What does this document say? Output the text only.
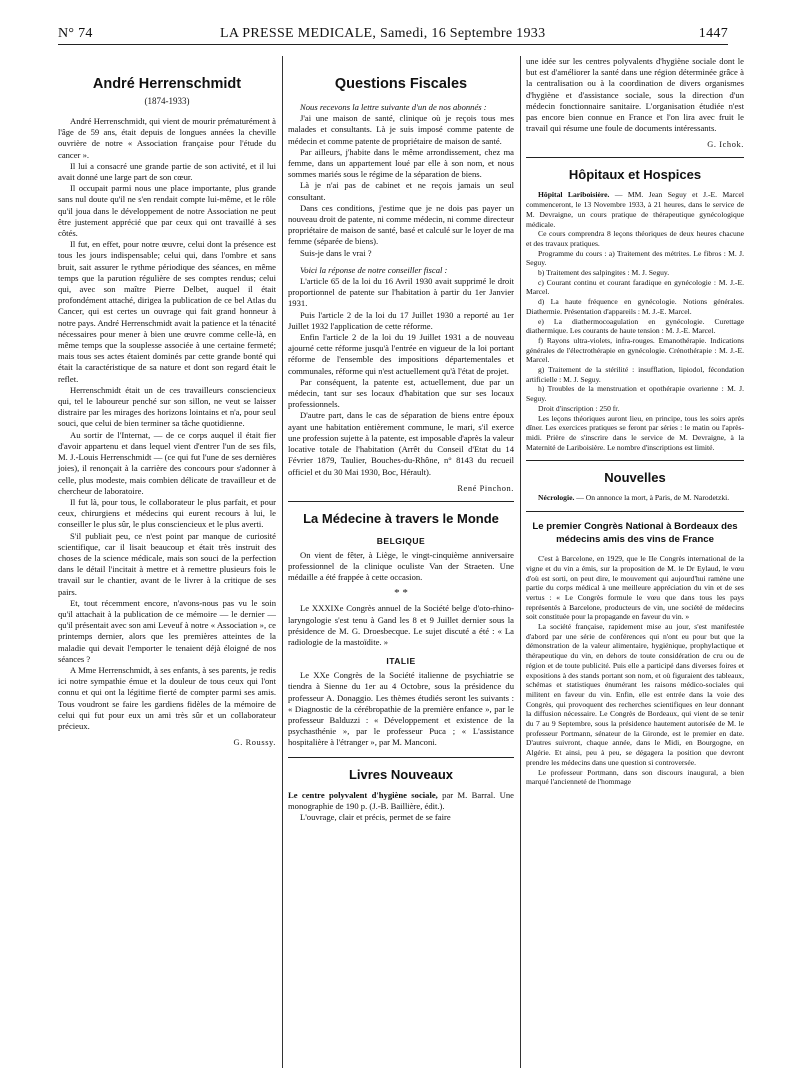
N° 74	LA PRESSE MEDICALE, Samedi, 16 Septembre 1933	1447
André Herrenschmidt
(1874-1933)

André Herrenschmidt, qui vient de mourir prématurément à l'âge de 59 ans, était depuis de longues années la cheville ouvrière de notre « Association française pour l'étude du cancer ».

Il lui a consacré une grande partie de son activité, et il lui avait donné une large part de son cœur.

Il occupait parmi nous une place importante, plus grande sans nul doute qu'il ne s'en rendait compte lui-même, et le rôle qu'il joua dans le développement de notre Association ne peut être justement apprécié que par ceux qui ont travaillé à ses côtés.

Il fut, en effet, pour notre œuvre, celui dont la présence est tous les jours indispensable; celui qui, dans l'ombre et sans bruit, sait assurer le rythme périodique des séances, en même temps que la parution régulière de ses comptes rendus; celui qui, avec son maître Pierre Delbet, auquel il était profondément attaché, dirigea la publication de ce bel Atlas du Cancer, qui est certes un ouvrage qui fait grand honneur à notre pays. André Herrenschmidt avait la patience et la ténacité nécessaires pour mener à bien une œuvre comme celle-là, en même temps que la souplesse associée à une certaine fermeté; mais tous ses actes étaient dominés par cette grande bonté qui était la caractéristique de sa nature et dont son regard était le reflet.

Herrenschmidt était un de ces travailleurs consciencieux qui, tel le laboureur penché sur son sillon, ne veut se laisser distraire par les mirages des horizons lointains et n'a, pour seul souci, que celui de bien terminer sa tâche quotidienne.

Au sortir de l'Internat, — de ce corps auquel il était fier d'avoir appartenu et dans lequel vient d'entrer l'un de ses fils, M. J.-Louis Herrenschmidt — (ce qui fut l'une de ses dernières joies), il renonçait à la carrière des concours pour s'adonner à celle, plus modeste, mais combien délicate de travailleur et de chercheur de laboratoire.

Il fut là, pour tous, le collaborateur le plus parfait, et pour ceux, chirurgiens et médecins qui eurent recours à lui, le conseiller le plus sûr, le plus consciencieux et le plus averti.

S'il publiait peu, ce n'est point par manque de curiosité scientifique, car il lisait beaucoup et était très instruit des choses de la science médicale, mais son souci de la perfection dans le détail l'incitait à mettre et à remettre plusieurs fois le travail sur le chantier, avant de le livrer à la critique de ses pairs.

Et, tout récemment encore, n'avons-nous pas vu le soin qu'il attachait à la publication de ce mémoire — le dernier — qu'il présentait avec son ami Leveuf à notre « Association », ce printemps dernier, alors que les premières atteintes de la maladie qui devait l'emporter le tenaient déjà éloigné de nos séances ?

A Mme Herrenschmidt, à ses enfants, à ses parents, je redis ici notre sympathie émue et la douleur de tous ceux qui l'ont connu et qui ont la légitime fierté de compter parmi ses amis. Tous voudront se faire les gardiens fidèles de la mémoire de celui qui fut pour eux un ami très sûr et un collaborateur précieux.

G. Roussy.
Questions Fiscales

Nous recevons la lettre suivante d'un de nos abonnés :

J'ai une maison de santé, clinique où je reçois tous mes malades et consultants. Là je suis imposé comme patente de médecin et comme patente de propriétaire de maison de santé.

Par ailleurs, j'habite dans le même arrondissement, chez ma femme, dans un appartement loué par elle à son nom, et nous sommes mariés sous le régime de la séparation de biens.

Là je n'ai pas de cabinet et ne reçois jamais un seul consultant.

Dans ces conditions, j'estime que je ne dois pas payer un nouveau droit de patente, ni comme médecin, ni comme directeur propriétaire de maison de santé, basé et calculé sur le loyer de ma femme (séparée de biens).

Suis-je dans le vrai ?

Voici la réponse de notre conseiller fiscal :

L'article 65 de la loi du 16 Avril 1930 avait supprimé le droit proportionnel de patente sur l'habitation à partir du 1er Janvier 1931.

Puis l'article 2 de la loi du 17 Juillet 1930 a reporté au 1er Juillet 1932 l'application de cette réforme.

Enfin l'article 2 de la loi du 19 Juillet 1931 a de nouveau ajourné cette réforme jusqu'à l'entrée en vigueur de la loi portant réforme de l'ensemble des impositions départementales et communales, réforme qui n'est actuellement qu'à l'état de projet.

Par conséquent, la patente est, actuellement, due par un médecin, tant sur ses locaux d'habitation que sur ses locaux professionnels.

D'autre part, dans le cas de séparation de biens entre époux ayant une habitation entièrement commune, le mari, s'il exerce une profession sujette à la patente, est imposable d'après la valeur locative totale de l'habitation (Arrêt du Conseil d'Etat du 14 Février 1879, Taulier, Bouches-du-Rhône, n° 8143 du recueil officiel et du 30 Mai 1930, Boc, Hérault).

René Pinchon.
La Médecine à travers le Monde
BELGIQUE

On vient de fêter, à Liège, le vingt-cinquième anniversaire professionnel de la clinique oculiste Van der Straeten. Une médaille a été frappée à cette occasion.

* *

Le XXXIXe Congrès annuel de la Société belge d'oto-rhino-laryngologie s'est tenu à Gand les 8 et 9 Juillet dernier sous la présidence de M. G. Droesbecque. Le sujet discuté a été : « La radiologie de la mastoïdite. »

ITALIE

Le XXe Congrès de la Société italienne de psychiatrie se tiendra à Sienne du 1er au 4 Octobre, sous la présidence du professeur A. Donaggio. Les thèmes étudiés seront les suivants : « Diagnostic de la cérébropathie de la première enfance », par le professeur Balduzzi : « Développement et existence de la psychasthénie », par le professeur Puca ; « L'assistance hospitalière à l'étranger », par M. Manconi.

Livres Nouveaux

Le centre polyvalent d'hygiène sociale, par M. Barral. Une monographie de 190 p. (J.-B. Baillière, édit.).

L'ouvrage, clair et précis, permet de se faire

une idée sur les centres polyvalents d'hygiène sociale dont le but est d'améliorer la santé dans une région déterminée grâce à la centralisation ou à la coordination de divers organismes d'hygiène et d'assistance sociale, sous la direction d'un médecin fonctionnaire sanitaire. L'organisation étudiée n'est pas encore bien connue en France et l'on lira avec fruit le travail qui résume une foule de documents intéressants.

G. Ichok.
Hôpitaux et Hospices

Hôpital Lariboisière. — MM. Jean Seguy et J.-E. Marcel commenceront, le 13 Novembre 1933, à 21 heures, dans le service de M. Devraigne, un cours pratique de thérapeutique gynécologique médicale.

Ce cours comprendra 8 leçons théoriques de deux heures chacune et des travaux pratiques.

Programme du cours : a) Traitement des métrites. Le fibros : M. J. Seguy.

b) Traitement des salpingites : M. J. Seguy.

c) Courant continu et courant faradique en gynécologie : M. J.-E. Marcel.

d) La haute fréquence en gynécologie. Notions générales. Diathermie. Présentation d'appareils : M. J.-E. Marcel.

e) La diathermocoagulation en gynécologie. Curettage diathermique. Les courants de haute tension : M. J.-E. Marcel.

f) Rayons ultra-violets, infra-rouges. Emanothérapie. Indications générales de l'électrothérapie en gynécologie. Crénothérapie : M. J.-E. Marcel.

g) Traitement de la stérilité : insufflation, lipiodol, fécondation artificielle : M. J. Seguy.

h) Troubles de la menstruation et opothérapie ovarienne : M. J. Seguy.

Droit d'inscription : 250 fr.

Les leçons théoriques auront lieu, en principe, tous les soirs après dîner. Les exercices pratiques se feront par séries : le matin ou l'après-midi. Prière de s'inscrire dans le service de M. Devraigne, à la Maternité de Lariboisière. Le nombre d'inscriptions est limité.

Nouvelles

Nécrologie. — On annonce la mort, à Paris, de M. Narodetzki.

Le premier Congrès National à Bordeaux des médecins amis des vins de France

C'est à Barcelone, en 1929, que le IIe Congrès international de la vigne et du vin a émis, sur la proposition de M. le Dr Eylaud, le vœu d'où est sorti, on peut dire, le mouvement qui aujourd'hui ramène une partie du corps médical à une meilleure appréciation du vin et de ses vertus : « Le Congrès formule le vœu que dans tous les pays représentés à Barcelone, producteurs de vin, une société de médecins soit constituée pour la propagande en faveur du vin. »

La société française, rapidement mise au jour, s'est manifestée d'abord par une série de conférences qui n'ont eu pour but que la démonstration de la valeur alimentaire, hygiénique, prophylactique et thérapeutique du vin, en dehors de toute considération de cru ou de région et de toute publicité. Puis elle a participé dans diverses foires et expositions à des stands portant son nom, et où figuraient des tableaux, schémas et statistiques énumérant les raisons médico-sociales qui militent en faveur du vin. Enfin, elle est entrée dans la voie des Congrès, qui provoquent des recherches scientifiques en leur donnant la diffusion nécessaire. Le Congrès de Bordeaux, qui vient de se tenir du 7 au 9 Septembre, sous la présidence hautement autorisée de M. le professeur Portmann, sénateur de la Gironde, est le premier en date. D'autres suivront, chaque année, dans le Midi, en Bourgogne, en Algérie. Et ainsi, peu à peu, se dégagera la position que devront prendre les médecins dans une question si controversée.

Le professeur Portmann, dans son discours inaugural, a bien marqué l'ancienneté de l'hommage
